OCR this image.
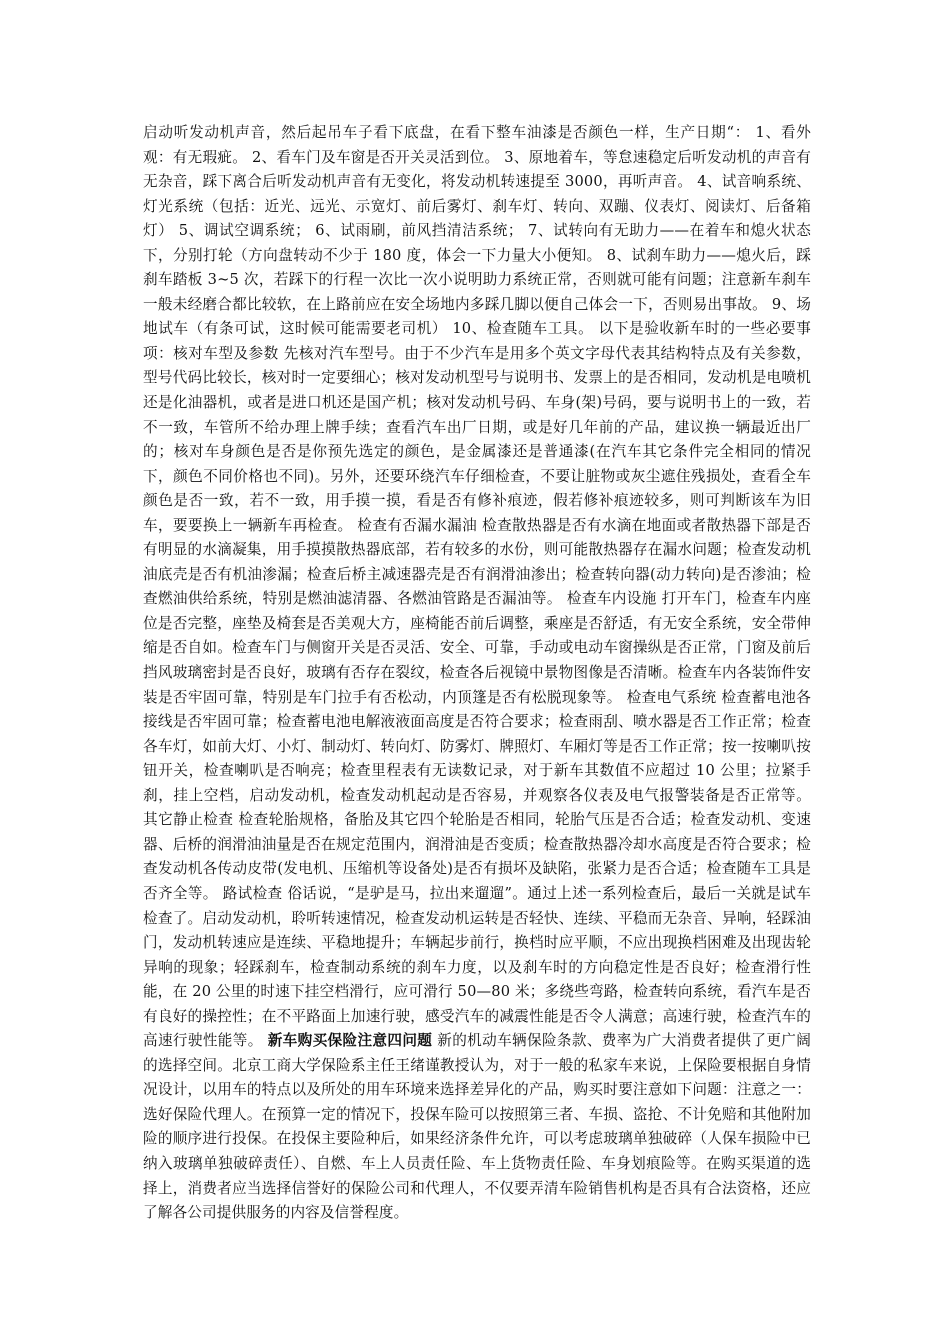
启动听发动机声音，然后起吊车子看下底盘，在看下整车油漆是否颜色一样，生产日期“： 1、看外观：有无瑕疵。 2、看车门及车窗是否开关灵活到位。 3、原地着车，等怠速稳定后听发动机的声音有无杂音，踩下离合后听发动机声音有无变化，将发动机转速提至 3000，再听声音。 4、试音响系统、灯光系统（包括：近光、远光、示宽灯、前后雾灯、刹车灯、转向、双蹦、仪表灯、阅读灯、后备箱灯） 5、调试空调系统； 6、试雨刷，前风挡清洁系统； 7、试转向有无助力——在着车和熄火状态下，分别打轮（方向盘转动不少于 180 度，体会一下力量大小便知。 8、试刹车助力——熄火后，踩刹车踏板 3~5 次，若踩下的行程一次比一次小说明助力系统正常，否则就可能有问题；注意新车刹车一般未经磨合都比较软，在上路前应在安全场地内多踩几脚以便自己体会一下，否则易出事故。 9、场地试车（有条可试，这时候可能需要老司机） 10、检查随车工具。 以下是验收新车时的一些必要事项：核对车型及参数 先核对汽车型号。由于不少汽车是用多个英文字母代表其结构特点及有关参数，型号代码比较长，核对时一定要细心；核对发动机型号与说明书、发票上的是否相同，发动机是电喷机还是化油器机，或者是进口机还是国产机；核对发动机号码、车身(架)号码，要与说明书上的一致，若不一致，车管所不给办理上牌手续；查看汽车出厂日期，或是好几年前的产品，建议换一辆最近出厂的；核对车身颜色是否是你预先选定的颜色，是金属漆还是普通漆(在汽车其它条件完全相同的情况下，颜色不同价格也不同)。另外，还要环绕汽车仔细检查，不要让脏物或灰尘遮住残损处，查看全车颜色是否一致，若不一致，用手摸一摸，看是否有修补痕迹，假若修补痕迹较多，则可判断该车为旧车，要要换上一辆新车再检查。 检查有否漏水漏油 检查散热器是否有水滴在地面或者散热器下部是否有明显的水滴凝集，用手摸摸散热器底部，若有较多的水份，则可能散热器存在漏水问题；检查发动机油底壳是否有机油渗漏；检查后桥主减速器壳是否有润滑油渗出；检查转向器(动力转向)是否渗油；检查燃油供给系统，特别是燃油滤清器、各燃油管路是否漏油等。 检查车内设施 打开车门，检查车内座位是否完整，座垫及椅套是否美观大方，座椅能否前后调整，乘座是否舒适，有无安全系统，安全带伸缩是否自如。检查车门与侧窗开关是否灵活、安全、可靠，手动或电动车窗操纵是否正常，门窗及前后挡风玻璃密封是否良好，玻璃有否存在裂纹，检查各后视镜中景物图像是否清晰。检查车内各装饰件安装是否牢固可靠，特别是车门拉手有否松动，内顶篷是否有松脱现象等。 检查电气系统 检查蓄电池各接线是否牢固可靠；检查蓄电池电解液液面高度是否符合要求；检查雨刮、喷水器是否工作正常；检查各车灯，如前大灯、小灯、制动灯、转向灯、防雾灯、牌照灯、车厢灯等是否工作正常；按一按喇叭按钮开关，检查喇叭是否响亮；检查里程表有无读数记录，对于新车其数值不应超过 10 公里；拉紧手刹，挂上空档，启动发动机，检查发动机起动是否容易，并观察各仪表及电气报警装备是否正常等。 其它静止检查 检查轮胎规格，备胎及其它四个轮胎是否相同，轮胎气压是否合适；检查发动机、变速器、后桥的润滑油油量是否在规定范围内，润滑油是否变质；检查散热器冷却水高度是否符合要求；检查发动机各传动皮带(发电机、压缩机等设备处)是否有损坏及缺陷，张紧力是否合适；检查随车工具是否齐全等。 路试检查 俗话说，“是驴是马，拉出来遛遛”。通过上述一系列检查后，最后一关就是试车检查了。启动发动机，聆听转速情况，检查发动机运转是否轻快、连续、平稳而无杂音、异响，轻踩油门，发动机转速应是连续、平稳地提升；车辆起步前行，换档时应平顺，不应出现换档困难及出现齿轮异响的现象；轻踩刹车，检查制动系统的刹车力度，以及刹车时的方向稳定性是否良好；检查滑行性能，在 20 公里的时速下挂空档滑行，应可滑行 50—80 米；多绕些弯路，检查转向系统，看汽车是否有良好的操控性；在不平路面上加速行驶，感受汽车的减震性能是否令人满意；高速行驶，检查汽车的高速行驶性能等。 新车购买保险注意四问题 新的机动车辆保险条款、费率为广大消费者提供了更广阔的选择空间。北京工商大学保险系主任王绪谨教授认为，对于一般的私家车来说，上保险要根据自身情况设计，以用车的特点以及所处的用车环境来选择差异化的产品，购买时要注意如下问题：注意之一：选好保险代理人。在预算一定的情况下，投保车险可以按照第三者、车损、盗抢、不计免赔和其他附加险的顺序进行投保。在投保主要险种后，如果经济条件允许，可以考虑玻璃单独破碎（人保车损险中已纳入玻璃单独破碎责任）、自燃、车上人员责任险、车上货物责任险、车身划痕险等。在购买渠道的选择上，消费者应当选择信誉好的保险公司和代理人，不仅要弄清车险销售机构是否具有合法资格，还应了解各公司提供服务的内容及信誉程度。
